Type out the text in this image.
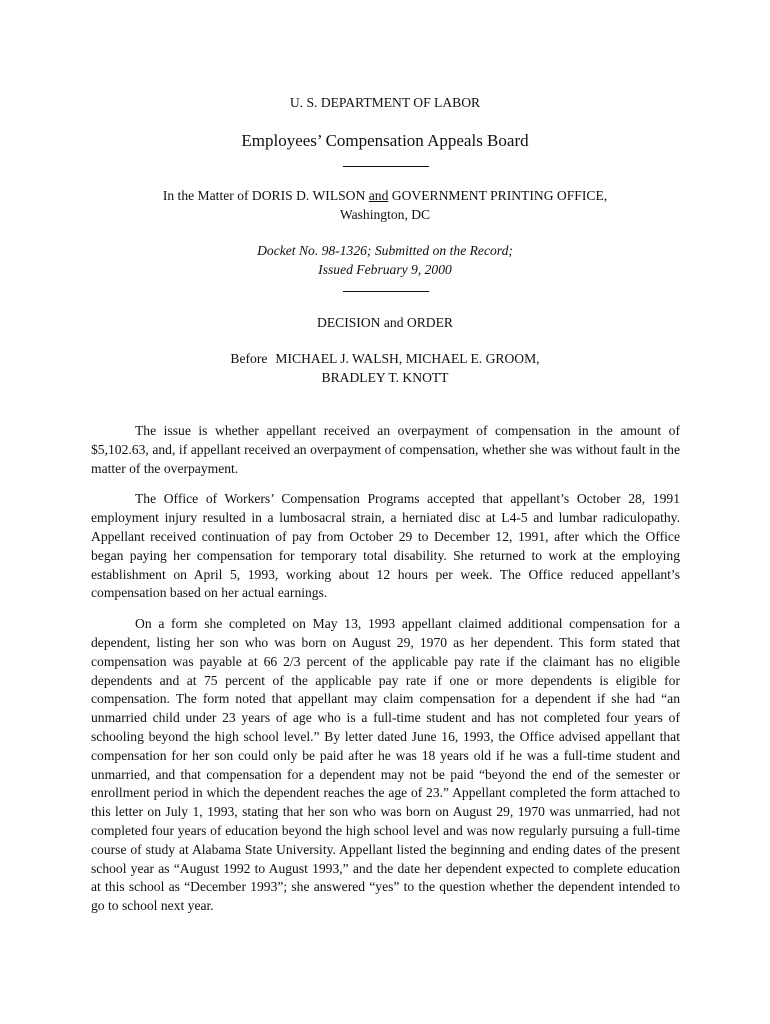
U. S. DEPARTMENT OF LABOR
Employees’ Compensation Appeals Board
In the Matter of DORIS D. WILSON and GOVERNMENT PRINTING OFFICE,
Washington, DC
Docket No. 98-1326; Submitted on the Record;
Issued February 9, 2000
DECISION and ORDER
Before MICHAEL J. WALSH, MICHAEL E. GROOM,
BRADLEY T. KNOTT

The issue is whether appellant received an overpayment of compensation in the amount of $5,102.63, and, if appellant received an overpayment of compensation, whether she was without fault in the matter of the overpayment.

The Office of Workers’ Compensation Programs accepted that appellant’s October 28, 1991 employment injury resulted in a lumbosacral strain, a herniated disc at L4-5 and lumbar radiculopathy. Appellant received continuation of pay from October 29 to December 12, 1991, after which the Office began paying her compensation for temporary total disability. She returned to work at the employing establishment on April 5, 1993, working about 12 hours per week. The Office reduced appellant’s compensation based on her actual earnings.

On a form she completed on May 13, 1993 appellant claimed additional compensation for a dependent, listing her son who was born on August 29, 1970 as her dependent. This form stated that compensation was payable at 66 2/3 percent of the applicable pay rate if the claimant has no eligible dependents and at 75 percent of the applicable pay rate if one or more dependents is eligible for compensation. The form noted that appellant may claim compensation for a dependent if she had “an unmarried child under 23 years of age who is a full-time student and has not completed four years of schooling beyond the high school level.” By letter dated June 16, 1993, the Office advised appellant that compensation for her son could only be paid after he was 18 years old if he was a full-time student and unmarried, and that compensation for a dependent may not be paid “beyond the end of the semester or enrollment period in which the dependent reaches the age of 23.” Appellant completed the form attached to this letter on July 1, 1993, stating that her son who was born on August 29, 1970 was unmarried, had not completed four years of education beyond the high school level and was now regularly pursuing a full-time course of study at Alabama State University. Appellant listed the beginning and ending dates of the present school year as “August 1992 to August 1993,” and the date her dependent expected to complete education at this school as “December 1993”; she answered “yes” to the question whether the dependent intended to go to school next year.
